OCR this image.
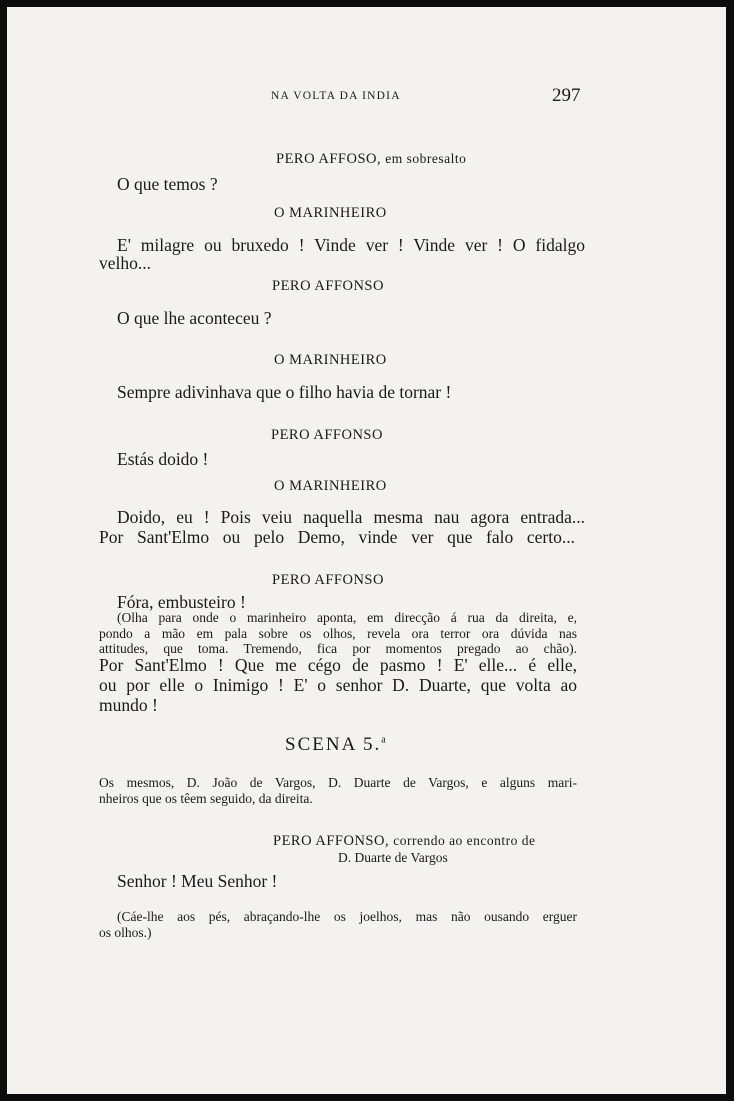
NA VOLTA DA INDIA	297
PERO AFFOSO, em sobresalto
O que temos ?
O MARINHEIRO
E' milagre ou bruxedo ! Vinde ver ! Vinde ver ! O fidalgo
velho...
PERO AFFONSO
O que lhe aconteceu ?
O MARINHEIRO
Sempre adivinhava que o filho havia de tornar !
PERO AFFONSO
Estás doido !
O MARINHEIRO
Doido, eu ! Pois veiu naquella mesma nau agora entrada...
Por Sant'Elmo ou pelo Demo, vinde ver que falo certo...
PERO AFFONSO
Fóra, embusteiro !
(Olha para onde o marinheiro aponta, em direcção á rua da direita, e,
pondo a mão em pala sobre os olhos, revela ora terror ora dúvida nas
attitudes, que toma. Tremendo, fica por momentos pregado ao chão).
Por Sant'Elmo ! Que me cégo de pasmo ! E' elle... é elle,
ou por elle o Inimigo ! E' o senhor D. Duarte, que volta ao
mundo !
SCENA 5.$^a$
Os mesmos, D. João de Vargos, D. Duarte de Vargos, e alguns mari-
nheiros que os têem seguido, da direita.
PERO AFFONSO, correndo ao encontro de
D. Duarte de Vargos
Senhor ! Meu Senhor !
(Cáe-lhe aos pés, abraçando-lhe os joelhos, mas não ousando erguer
os olhos.)
